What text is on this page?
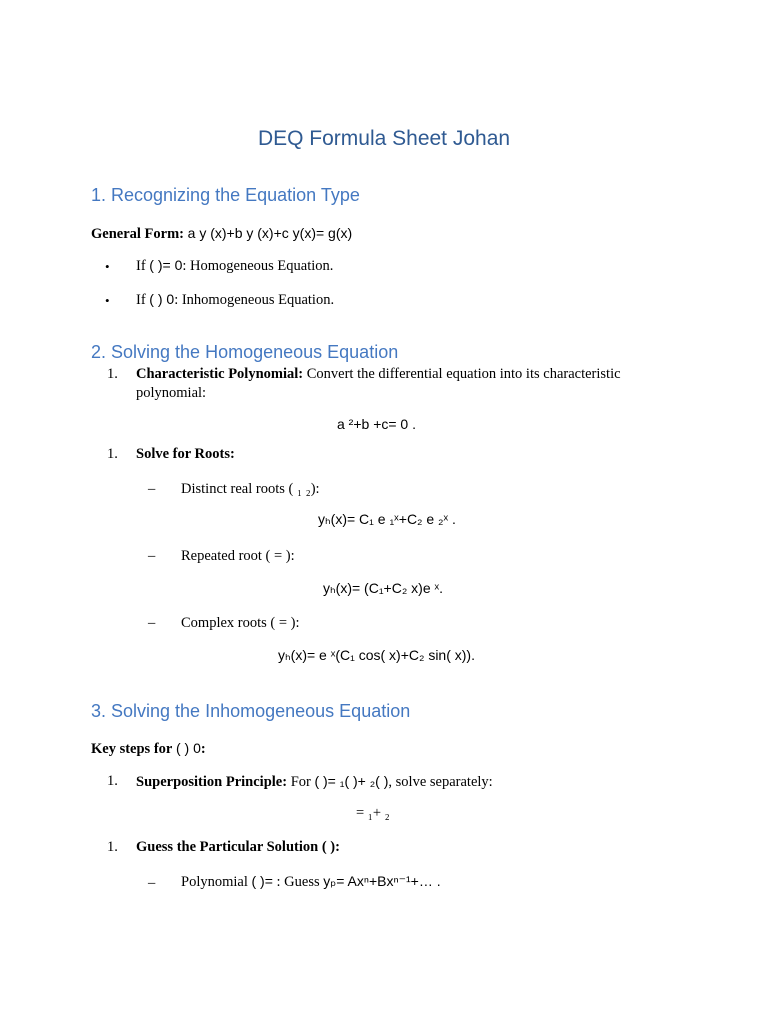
DEQ Formula Sheet Johan
1. Recognizing the Equation Type
General Form: a y (x)+b y (x)+c y(x)= g(x)
• If ( )= 0: Homogeneous Equation.
• If ( ) 0: Inhomogeneous Equation.
2. Solving the Homogeneous Equation
1. Characteristic Polynomial: Convert the differential equation into its characteristic
polynomial:
a ²+b +c= 0 .
1. Solve for Roots:
– Distinct real roots ( ₁ ₂):
yₕ(x)= C₁ e ₁ˣ+C₂ e ₂ˣ .
– Repeated root ( = ):
yₕ(x)= (C₁+C₂ x)e ˣ.
– Complex roots ( = ):
yₕ(x)= e ˣ(C₁ cos( x)+C₂ sin( x)).
3. Solving the Inhomogeneous Equation
Key steps for ( ) 0:
1. Superposition Principle: For ( )= ₁( )+ ₂( ), solve separately:
= ₁+ ₂
1. Guess the Particular Solution ( ):
– Polynomial ( )= : Guess yₚ= Axⁿ+Bxⁿ⁻¹+… .
